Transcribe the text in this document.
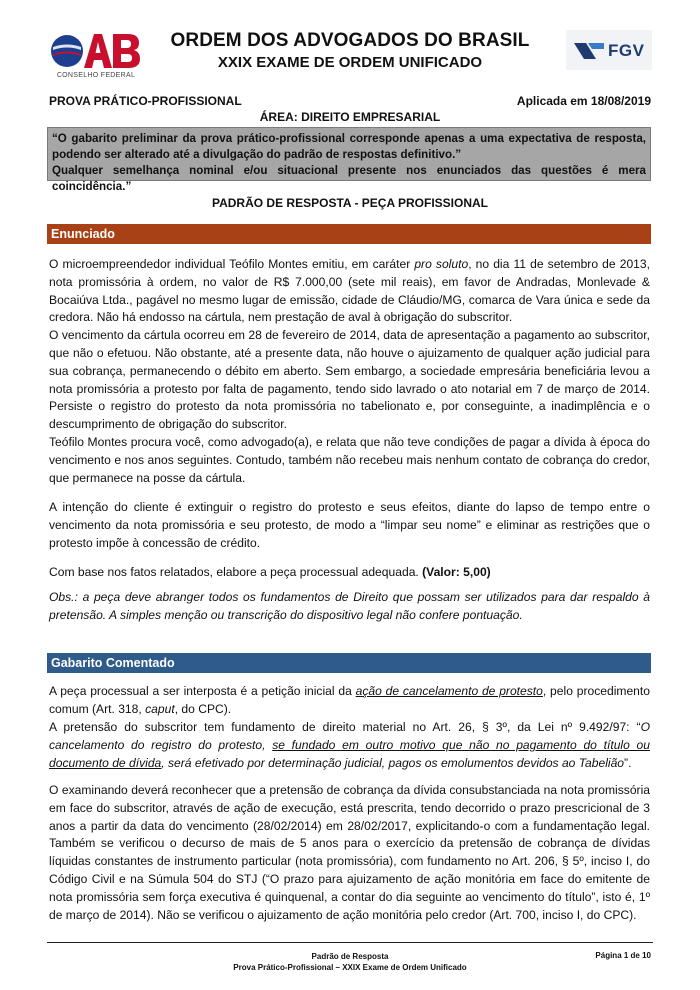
CONSELHO FEDERAL
ORDEM DOS ADVOGADOS DO BRASIL
XXIX EXAME DE ORDEM UNIFICADO
FGV
PROVA PRÁTICO-PROFISSIONAL	Aplicada em 18/08/2019
ÁREA: DIREITO EMPRESARIAL
“O gabarito preliminar da prova prático-profissional corresponde apenas a uma expectativa de resposta, podendo ser alterado até a divulgação do padrão de respostas definitivo.”
Qualquer semelhança nominal e/ou situacional presente nos enunciados das questões é mera coincidência.”
PADRÃO DE RESPOSTA - PEÇA PROFISSIONAL
Enunciado

O microempreendedor individual Teófilo Montes emitiu, em caráter pro soluto, no dia 11 de setembro de 2013, nota promissória à ordem, no valor de R$ 7.000,00 (sete mil reais), em favor de Andradas, Monlevade & Bocaiúva Ltda., pagável no mesmo lugar de emissão, cidade de Cláudio/MG, comarca de Vara única e sede da credora. Não há endosso na cártula, nem prestação de aval à obrigação do subscritor.

O vencimento da cártula ocorreu em 28 de fevereiro de 2014, data de apresentação a pagamento ao subscritor, que não o efetuou. Não obstante, até a presente data, não houve o ajuizamento de qualquer ação judicial para sua cobrança, permanecendo o débito em aberto. Sem embargo, a sociedade empresária beneficiária levou a nota promissória a protesto por falta de pagamento, tendo sido lavrado o ato notarial em 7 de março de 2014. Persiste o registro do protesto da nota promissória no tabelionato e, por conseguinte, a inadimplência e o descumprimento de obrigação do subscritor.

Teófilo Montes procura você, como advogado(a), e relata que não teve condições de pagar a dívida à época do vencimento e nos anos seguintes. Contudo, também não recebeu mais nenhum contato de cobrança do credor, que permanece na posse da cártula.

A intenção do cliente é extinguir o registro do protesto e seus efeitos, diante do lapso de tempo entre o vencimento da nota promissória e seu protesto, de modo a “limpar seu nome” e eliminar as restrições que o protesto impõe à concessão de crédito.

Com base nos fatos relatados, elabore a peça processual adequada. (Valor: 5,00)

Obs.: a peça deve abranger todos os fundamentos de Direito que possam ser utilizados para dar respaldo à pretensão. A simples menção ou transcrição do dispositivo legal não confere pontuação.

Gabarito Comentado

A peça processual a ser interposta é a petição inicial da ação de cancelamento de protesto, pelo procedimento comum (Art. 318, caput, do CPC).

A pretensão do subscritor tem fundamento de direito material no Art. 26, § 3º, da Lei nº 9.492/97: “O cancelamento do registro do protesto, se fundado em outro motivo que não no pagamento do título ou documento de dívida, será efetivado por determinação judicial, pagos os emolumentos devidos ao Tabelião”.

O examinando deverá reconhecer que a pretensão de cobrança da dívida consubstanciada na nota promissória em face do subscritor, através de ação de execução, está prescrita, tendo decorrido o prazo prescricional de 3 anos a partir da data do vencimento (28/02/2014) em 28/02/2017, explicitando-o com a fundamentação legal. Também se verificou o decurso de mais de 5 anos para o exercício da pretensão de cobrança de dívidas líquidas constantes de instrumento particular (nota promissória), com fundamento no Art. 206, § 5º, inciso I, do Código Civil e na Súmula 504 do STJ (“O prazo para ajuizamento de ação monitória em face do emitente de nota promissória sem força executiva é quinquenal, a contar do dia seguinte ao vencimento do título”, isto é, 1º de março de 2014). Não se verificou o ajuizamento de ação monitória pelo credor (Art. 700, inciso I, do CPC).

Padrão de Resposta
Prova Prático-Profissional – XXIX Exame de Ordem Unificado
Página 1 de 10
